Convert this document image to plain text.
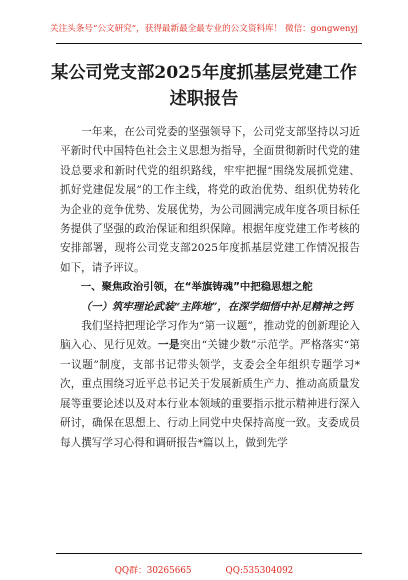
关注头条号“公文研究”，获得最新最全最专业的公文资料库！ 微信：gongwenyj
某公司党支部2025年度抓基层党建工作
述职报告

一年来，在公司党委的坚强领导下，公司党支部坚持以习近平新时代中国特色社会主义思想为指导，全面贯彻新时代党的建设总要求和新时代党的组织路线，牢牢把握“围绕发展抓党建、抓好党建促发展”的工作主线，将党的政治优势、组织优势转化为企业的竞争优势、发展优势，为公司圆满完成年度各项目标任务提供了坚强的政治保证和组织保障。根据年度党建工作考核的安排部署，现将公司党支部2025年度抓基层党建工作情况报告如下，请予评议。

一、聚焦政治引领，在“举旗铸魂”中把稳思想之舵

（一）筑牢理论武装“主阵地”，在深学细悟中补足精神之钙

我们坚持把理论学习作为“第一议题”，推动党的创新理论入脑入心、见行见效。一是突出“关键少数”示范学。严格落实“第一议题”制度，支部书记带头领学，支委会全年组织专题学习*次，重点围绕习近平总书记关于发展新质生产力、推动高质量发展等重要论述以及对本行业本领域的重要指示批示精神进行深入研讨，确保在思想上、行动上同党中央保持高度一致。支委成员每人撰写学习心得和调研报告*篇以上，做到先学

QQ群：30265665	QQ:535304092
